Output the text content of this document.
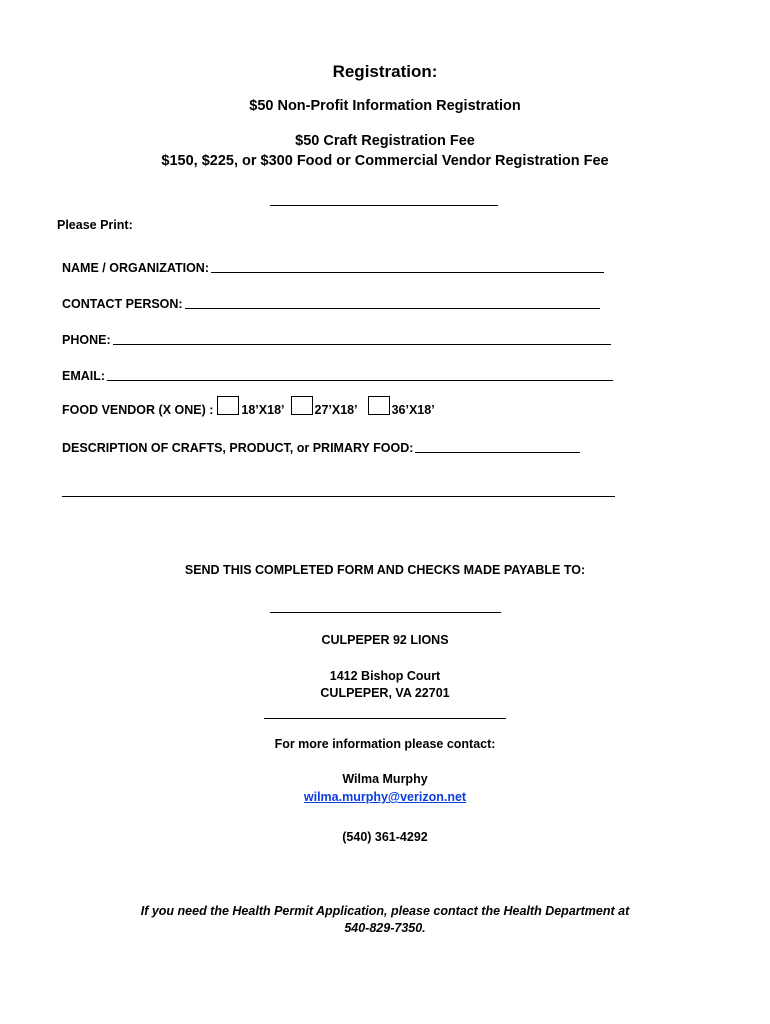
Registration:
$50 Non-Profit Information Registration
$50 Craft Registration Fee
$150, $225, or $300 Food or Commercial Vendor Registration Fee
Please Print:
NAME / ORGANIZATION:
CONTACT PERSON:
PHONE:
EMAIL:
FOOD VENDOR (X ONE) : 18’X18’ 27’X18’	36’X18’
DESCRIPTION OF CRAFTS, PRODUCT, or PRIMARY FOOD:
SEND THIS COMPLETED FORM AND CHECKS MADE PAYABLE TO:
CULPEPER 92 LIONS
1412 Bishop Court
CULPEPER, VA 22701
For more information please contact:
Wilma Murphy
wilma.murphy@verizon.net
(540) 361-4292
If you need the Health Permit Application, please contact the Health Department at
540-829-7350.
